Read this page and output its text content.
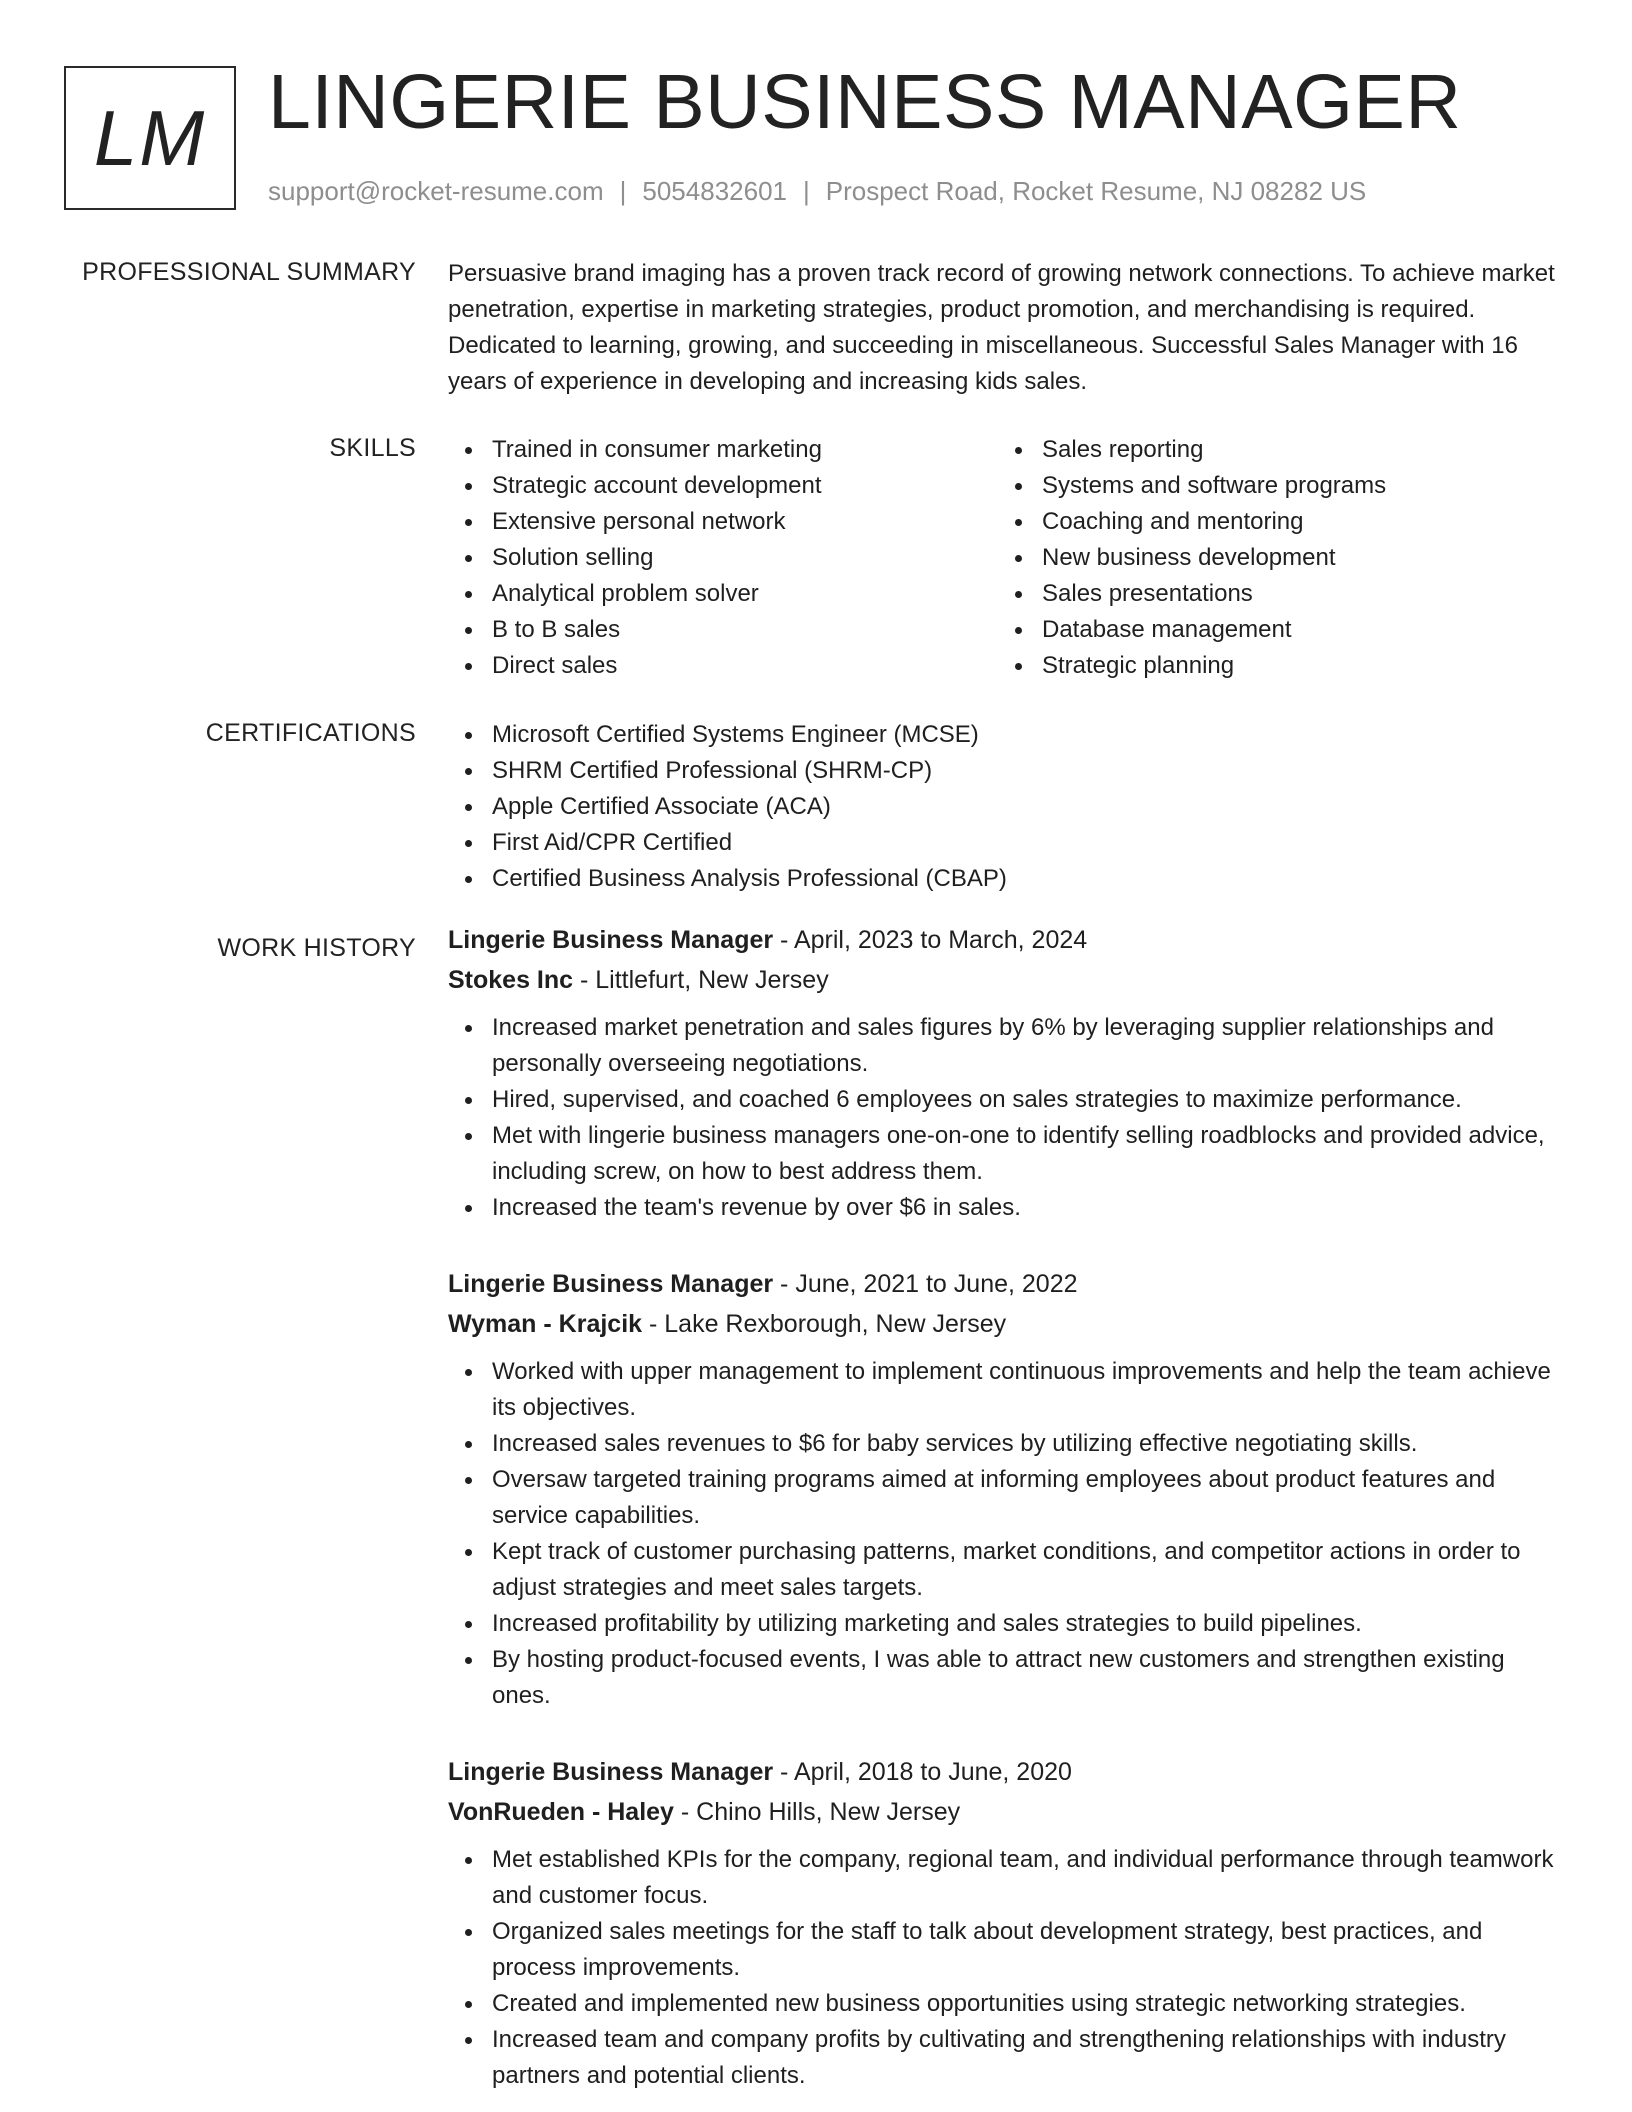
LM LINGERIE BUSINESS MANAGER
support@rocket-resume.com | 5054832601 | Prospect Road, Rocket Resume, NJ 08282 US
PROFESSIONAL SUMMARY Persuasive brand imaging has a proven track record of growing network connections. To achieve market penetration, expertise in marketing strategies, product promotion, and merchandising is required. Dedicated to learning, growing, and succeeding in miscellaneous. Successful Sales Manager with 16 years of experience in developing and increasing kids sales.
SKILLS	Trained in consumer marketing
Strategic account development
Extensive personal network
Solution selling
Analytical problem solver
B to B sales
Direct sales
Sales reporting
Systems and software programs
Coaching and mentoring
New business development
Sales presentations
Database management
Strategic planning
CERTIFICATIONS	Microsoft Certified Systems Engineer (MCSE)
SHRM Certified Professional (SHRM-CP)
Apple Certified Associate (ACA)
First Aid/CPR Certified
Certified Business Analysis Professional (CBAP)
WORK HISTORY Lingerie Business Manager - April, 2023 to March, 2024
Stokes Inc - Littlefurt, New Jersey
Increased market penetration and sales figures by 6% by leveraging supplier relationships and personally overseeing negotiations.
Hired, supervised, and coached 6 employees on sales strategies to maximize performance.
Met with lingerie business managers one-on-one to identify selling roadblocks and provided advice, including screw, on how to best address them.
Increased the team's revenue by over $6 in sales.
Lingerie Business Manager - June, 2021 to June, 2022
Wyman - Krajcik - Lake Rexborough, New Jersey
Worked with upper management to implement continuous improvements and help the team achieve its objectives.
Increased sales revenues to $6 for baby services by utilizing effective negotiating skills.
Oversaw targeted training programs aimed at informing employees about product features and service capabilities.
Kept track of customer purchasing patterns, market conditions, and competitor actions in order to adjust strategies and meet sales targets.
Increased profitability by utilizing marketing and sales strategies to build pipelines.
By hosting product-focused events, I was able to attract new customers and strengthen existing ones.
Lingerie Business Manager - April, 2018 to June, 2020
VonRueden - Haley - Chino Hills, New Jersey
Met established KPIs for the company, regional team, and individual performance through teamwork and customer focus.
Organized sales meetings for the staff to talk about development strategy, best practices, and process improvements.
Created and implemented new business opportunities using strategic networking strategies.
Increased team and company profits by cultivating and strengthening relationships with industry partners and potential clients.
